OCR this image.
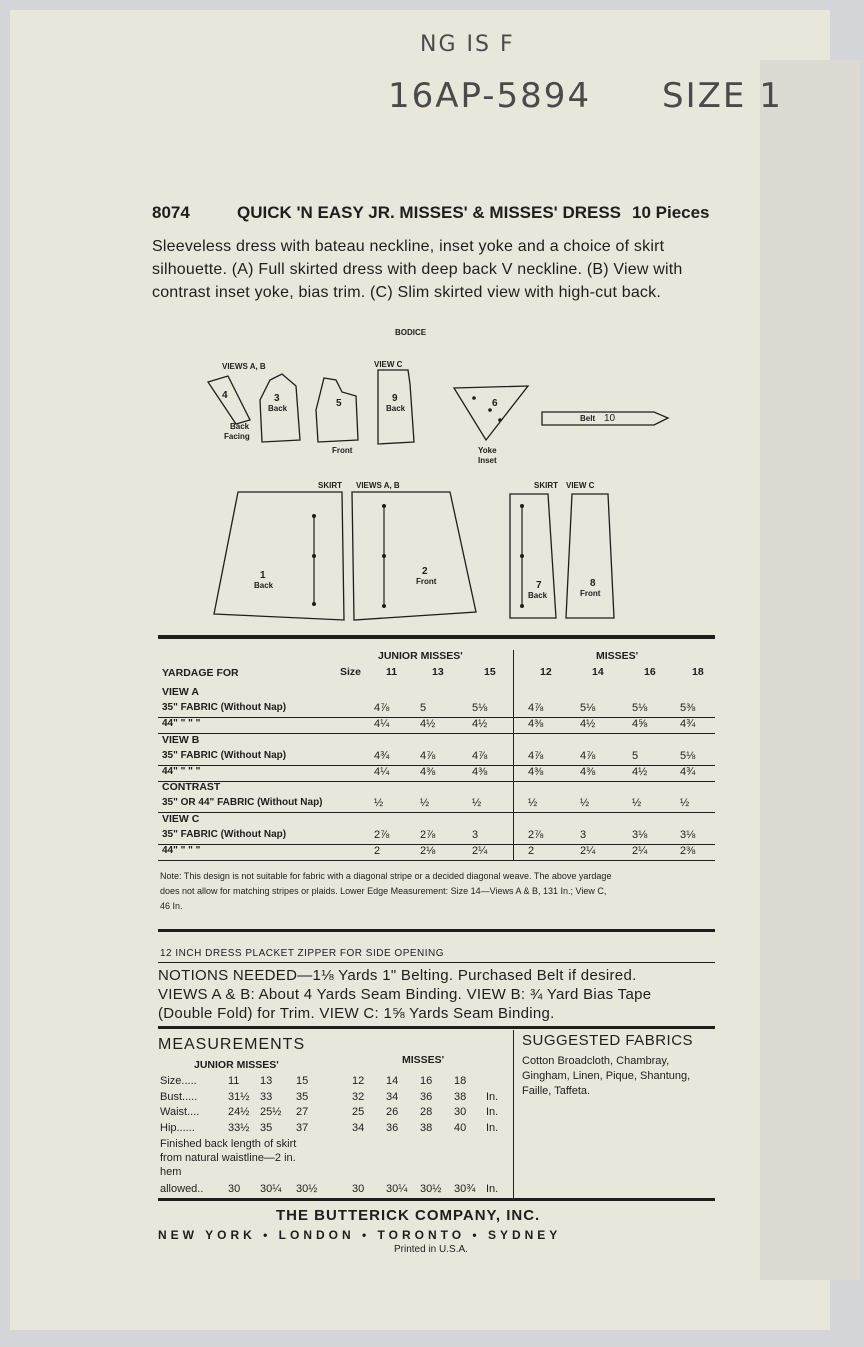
NG IS F
16AP-5894 SIZE 1
8074	QUICK 'N EASY JR. MISSES' & MISSES' DRESS 10 Pieces
Sleeveless dress with bateau neckline, inset yoke and a choice of skirt
silhouette. (A) Full skirted dress with deep back V neckline. (B) View with
contrast inset yoke, bias trim. (C) Slim skirted view with high-cut back.
BODICE
VIEWS A, B	VIEW C
4
Back
Facing
3
Back	5
Front
9
Back	6
Yoke
Inset
Belt 10
SKIRT VIEWS A, B	SKIRT VIEW C
1
Back
2
Front	7
Back
8
Front
JUNIOR MISSES'	MISSES'
YARDAGE FOR	Size 11	13	15	12	14	16	18
VIEW A
35" FABRIC (Without Nap)	4⅞	5	5⅛	4⅞	5⅛	5⅛	5⅜
44" " " "	4¼	4½	4½	4⅜	4½	4⅝	4¾
VIEW B
35" FABRIC (Without Nap)	4¾	4⅞	4⅞	4⅞	4⅞	5	5⅛
44" " " "	4¼	4⅜	4⅜	4⅜	4⅜	4½	4¾
CONTRAST
35" OR 44" FABRIC (Without Nap)	½	½	½	½	½	½	½
VIEW C
35" FABRIC (Without Nap)	2⅞	2⅞	3	2⅞	3	3⅛	3⅛
44" " " "	2	2⅛	2¼	2	2¼	2¼	2⅜
Note: This design is not suitable for fabric with a diagonal stripe or a decided diagonal weave. The above yardage
does not allow for matching stripes or plaids. Lower Edge Measurement: Size 14—Views A & B, 131 In.; View C,
46 In.
12 INCH DRESS PLACKET ZIPPER FOR SIDE OPENING
NOTIONS NEEDED—1⅛ Yards 1" Belting. Purchased Belt if desired.
VIEWS A & B: About 4 Yards Seam Binding. VIEW B: ¾ Yard Bias Tape
(Double Fold) for Trim. VIEW C: 1⅝ Yards Seam Binding.
MEASUREMENTS
JUNIOR MISSES'	MISSES'
Size.....	11 13 15	12 14 16 18
Bust.....	31½ 33 35	32 34 36 38 In.
Waist....	24½ 25½ 27	25 26 28 30 In.
Hip......	33½ 35 37	34 36 38 40 In.
Finished back length of skirt
from natural waistline—2 in.
hem
allowed.. 30 30¼ 30½	30 30¼ 30½ 30¾ In.
SUGGESTED FABRICS
Cotton Broadcloth, Chambray,
Gingham, Linen, Pique, Shantung,
Faille, Taffeta.
THE BUTTERICK COMPANY, INC.
NEW YORK • LONDON • TORONTO • SYDNEY
Printed in U.S.A.
